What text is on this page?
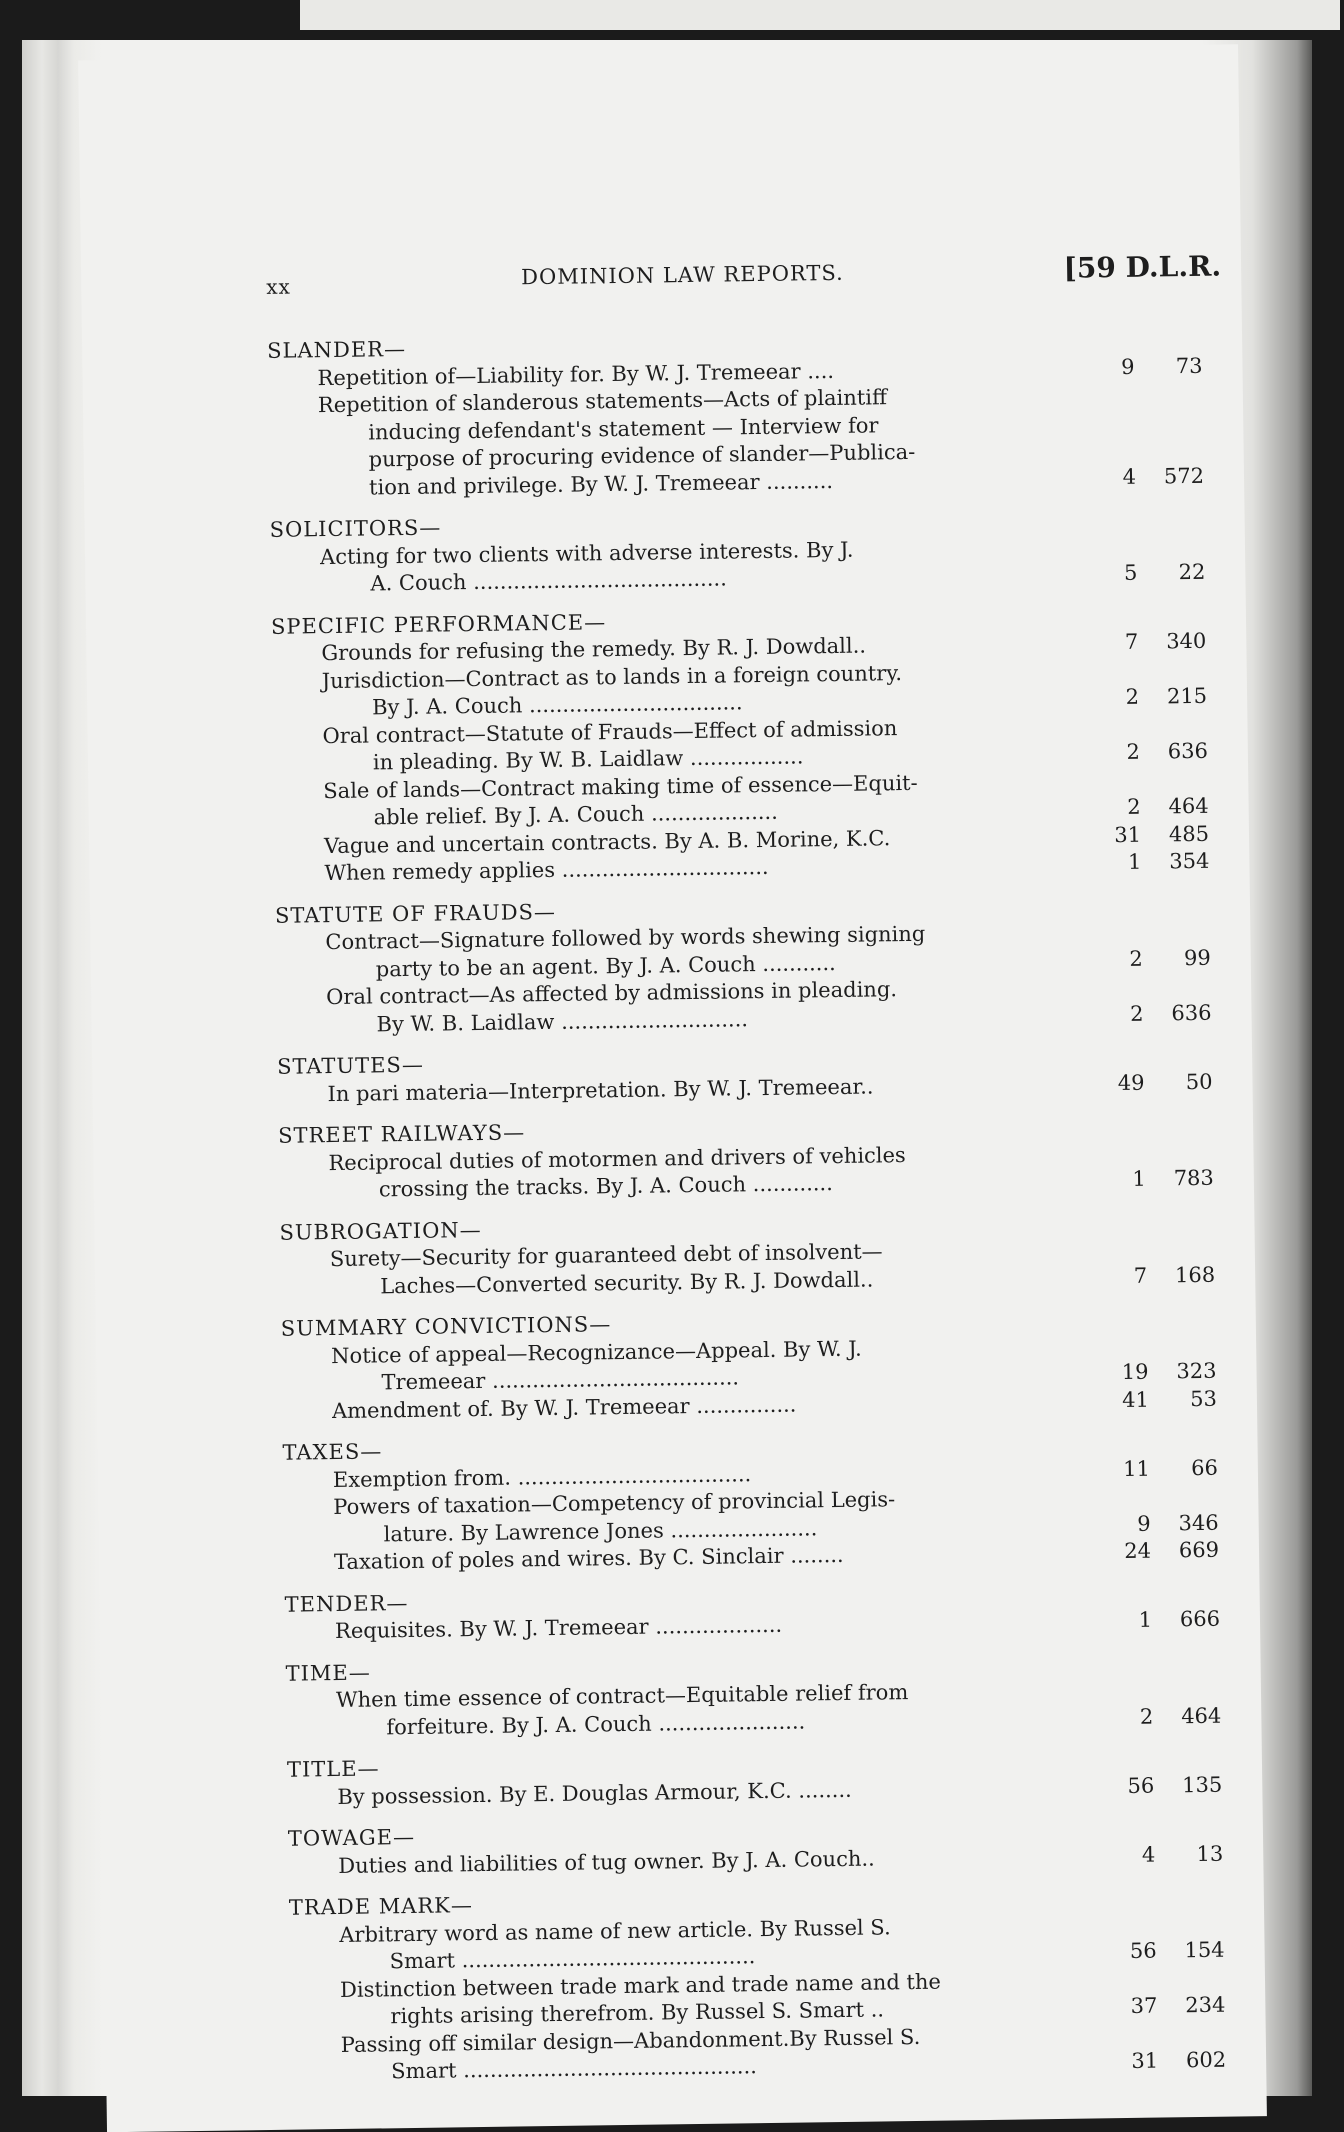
xx	DOMINION LAW REPORTS.	[59 D.L.R.
SLANDER—
Repetition of—Liability for. By W. J. Tremeear ....	9	73
Repetition of slanderous statements—Acts of plaintiff
inducing defendant's statement — Interview for
purpose of procuring evidence of slander—Publica-
tion and privilege. By W. J. Tremeear ..........	4	572
SOLICITORS—
Acting for two clients with adverse interests. By J.
A. Couch ......................................	5	22
SPECIFIC PERFORMANCE—
Grounds for refusing the remedy. By R. J. Dowdall..	7	340
Jurisdiction—Contract as to lands in a foreign country.
By J. A. Couch ................................	2	215
Oral contract—Statute of Frauds—Effect of admission
in pleading. By W. B. Laidlaw .................	2	636
Sale of lands—Contract making time of essence—Equit-
able relief. By J. A. Couch ...................	2	464
Vague and uncertain contracts. By A. B. Morine, K.C.	31	485
When remedy applies ...............................	1	354
STATUTE OF FRAUDS—
Contract—Signature followed by words shewing signing
party to be an agent. By J. A. Couch ...........	2	99
Oral contract—As affected by admissions in pleading.
By W. B. Laidlaw ............................	2	636
STATUTES—
In pari materia—Interpretation. By W. J. Tremeear..	49	50
STREET RAILWAYS—
Reciprocal duties of motormen and drivers of vehicles
crossing the tracks. By J. A. Couch ............	1	783
SUBROGATION—
Surety—Security for guaranteed debt of insolvent—
Laches—Converted security. By R. J. Dowdall..	7	168
SUMMARY CONVICTIONS—
Notice of appeal—Recognizance—Appeal. By W. J.
Tremeear .....................................	19	323
Amendment of. By W. J. Tremeear ...............	41	53
TAXES—
Exemption from. ...................................	11	66
Powers of taxation—Competency of provincial Legis-
lature. By Lawrence Jones ......................	9	346
Taxation of poles and wires. By C. Sinclair ........	24	669
TENDER—
Requisites. By W. J. Tremeear ...................	1	666
TIME—
When time essence of contract—Equitable relief from
forfeiture. By J. A. Couch ......................	2	464
TITLE—
By possession. By E. Douglas Armour, K.C. ........	56	135
TOWAGE—
Duties and liabilities of tug owner. By J. A. Couch..	4	13
TRADE MARK—
Arbitrary word as name of new article. By Russel S.
Smart ............................................	56	154
Distinction between trade mark and trade name and the
rights arising therefrom. By Russel S. Smart ..	37	234
Passing off similar design—Abandonment.By Russel S.
Smart ............................................	31	602
